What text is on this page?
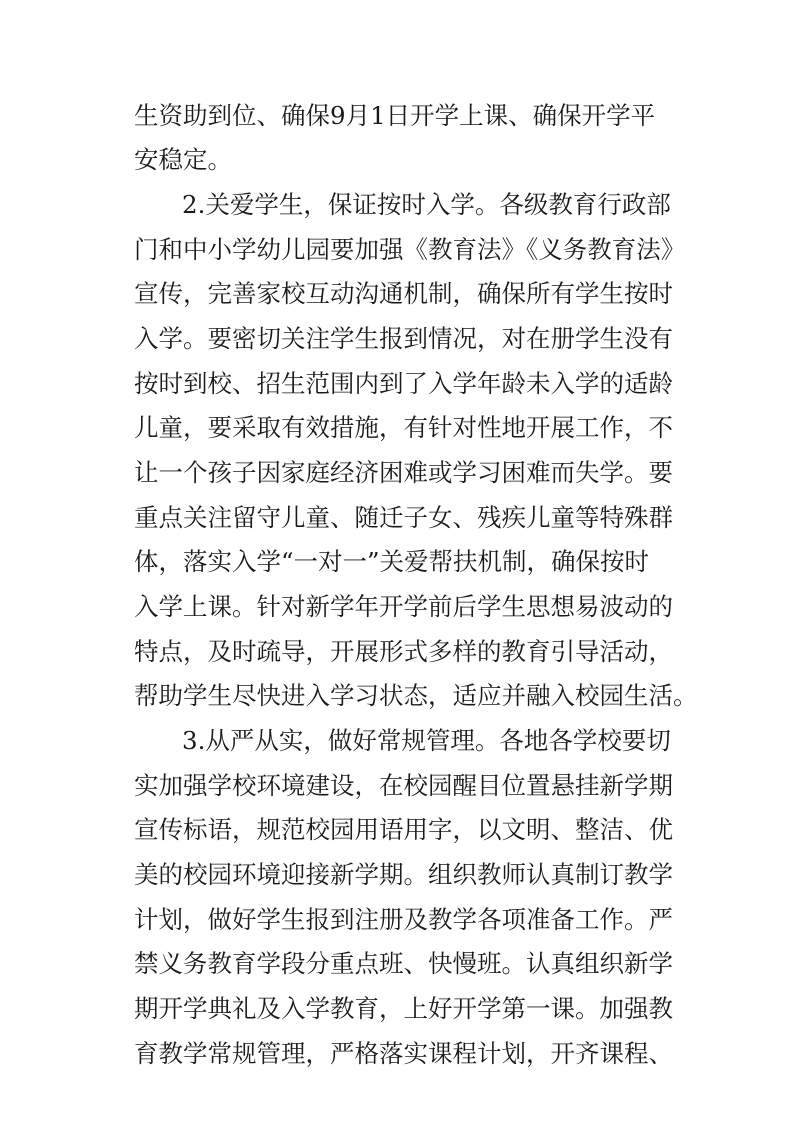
生资助到位、确保9月1日开学上课、确保开学平
安稳定。
2.关爱学生，保证按时入学。各级教育行政部
门和中小学幼儿园要加强《教育法》《义务教育法》
宣传，完善家校互动沟通机制，确保所有学生按时
入学。要密切关注学生报到情况，对在册学生没有
按时到校、招生范围内到了入学年龄未入学的适龄
儿童，要采取有效措施，有针对性地开展工作，不
让一个孩子因家庭经济困难或学习困难而失学。要
重点关注留守儿童、随迁子女、残疾儿童等特殊群
体，落实入学“一对一”关爱帮扶机制，确保按时
入学上课。针对新学年开学前后学生思想易波动的
特点，及时疏导，开展形式多样的教育引导活动，
帮助学生尽快进入学习状态，适应并融入校园生活。
3.从严从实，做好常规管理。各地各学校要切
实加强学校环境建设，在校园醒目位置悬挂新学期
宣传标语，规范校园用语用字，以文明、整洁、优
美的校园环境迎接新学期。组织教师认真制订教学
计划，做好学生报到注册及教学各项准备工作。严
禁义务教育学段分重点班、快慢班。认真组织新学
期开学典礼及入学教育，上好开学第一课。加强教
育教学常规管理，严格落实课程计划，开齐课程、
